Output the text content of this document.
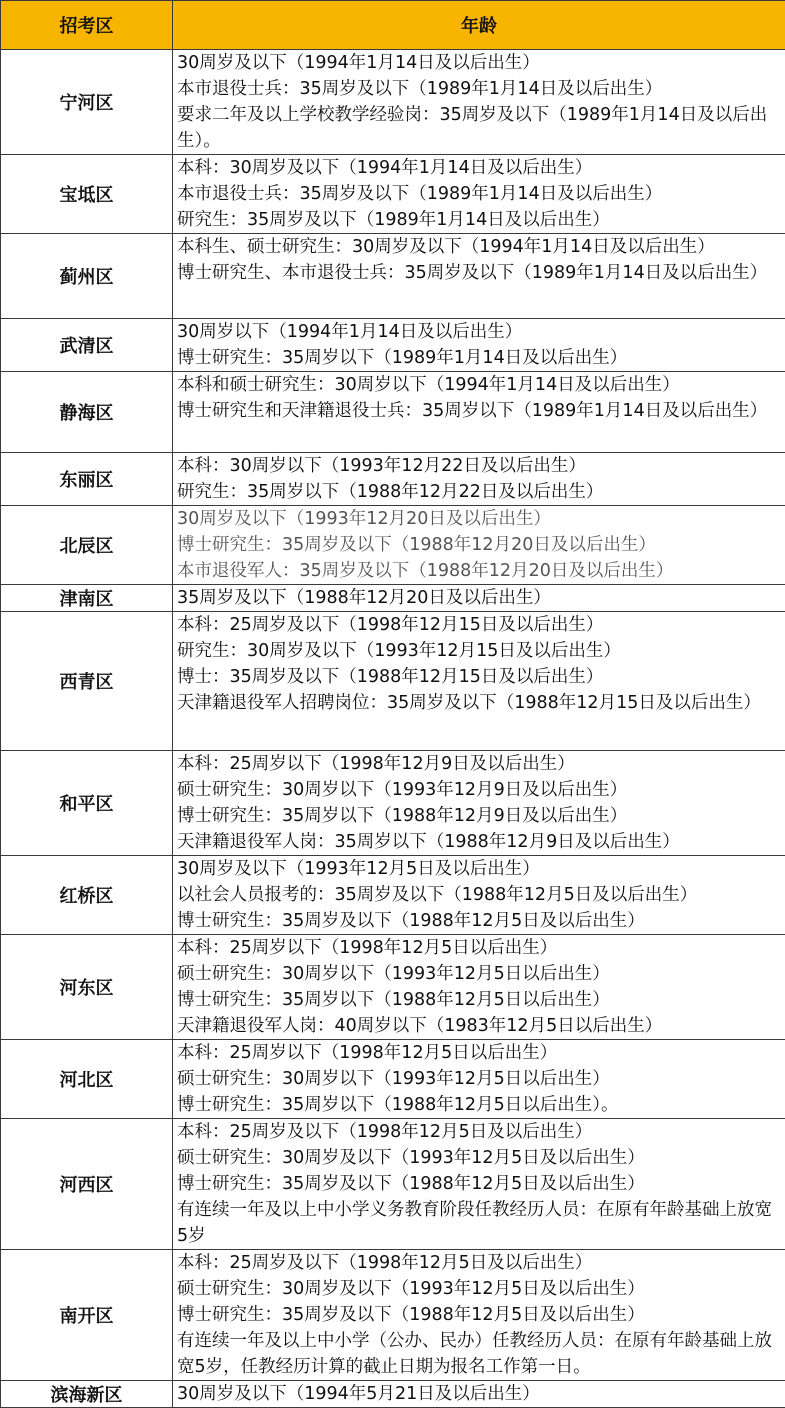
招考区	年龄
宁河区	30周岁及以下（1994年1月14日及以后出生）
本市退役士兵：35周岁及以下（1989年1月14日及以后出生）
要求二年及以上学校教学经验岗：35周岁及以下（1989年1月14日及以后出生）。

宝坻区	本科：30周岁及以下（1994年1月14日及以后出生）
本市退役士兵：35周岁及以下（1989年1月14日及以后出生）
研究生：35周岁及以下（1989年1月14日及以后出生）

蓟州区	本科生、硕士研究生：30周岁及以下（1994年1月14日及以后出生）
博士研究生、本市退役士兵：35周岁及以下（1989年1月14日及以后出生）

武清区	30周岁以下（1994年1月14日及以后出生）
博士研究生：35周岁以下（1989年1月14日及以后出生）

静海区	本科和硕士研究生：30周岁以下（1994年1月14日及以后出生）
博士研究生和天津籍退役士兵：35周岁以下（1989年1月14日及以后出生）

东丽区	本科：30周岁以下（1993年12月22日及以后出生）
研究生：35周岁以下（1988年12月22日及以后出生）

北辰区	30周岁及以下（1993年12月20日及以后出生）
博士研究生：35周岁及以下（1988年12月20日及以后出生）
本市退役军人：35周岁及以下（1988年12月20日及以后出生）

津南区	35周岁及以下（1988年12月20日及以后出生）

西青区	本科：25周岁及以下（1998年12月15日及以后出生）
研究生：30周岁及以下（1993年12月15日及以后出生）
博士：35周岁及以下（1988年12月15日及以后出生）
天津籍退役军人招聘岗位：35周岁及以下（1988年12月15日及以后出生）

和平区	本科：25周岁以下（1998年12月9日及以后出生）
硕士研究生：30周岁以下（1993年12月9日及以后出生）
博士研究生：35周岁以下（1988年12月9日及以后出生）
天津籍退役军人岗：35周岁以下（1988年12月9日及以后出生）

红桥区	30周岁及以下（1993年12月5日及以后出生）
以社会人员报考的：35周岁及以下（1988年12月5日及以后出生）
博士研究生：35周岁及以下（1988年12月5日及以后出生）

河东区	本科：25周岁以下（1998年12月5日以后出生）
硕士研究生：30周岁以下（1993年12月5日以后出生）
博士研究生：35周岁以下（1988年12月5日以后出生）
天津籍退役军人岗：40周岁以下（1983年12月5日以后出生）

河北区	本科：25周岁以下（1998年12月5日以后出生）
硕士研究生：30周岁以下（1993年12月5日以后出生）
博士研究生：35周岁以下（1988年12月5日以后出生）。

河西区	本科：25周岁及以下（1998年12月5日及以后出生）
硕士研究生：30周岁及以下（1993年12月5日及以后出生）
博士研究生：35周岁及以下（1988年12月5日及以后出生）
有连续一年及以上中小学义务教育阶段任教经历人员：在原有年龄基础上放宽5岁

南开区	本科：25周岁及以下（1998年12月5日及以后出生）
硕士研究生：30周岁及以下（1993年12月5日及以后出生）
博士研究生：35周岁及以下（1988年12月5日及以后出生）
有连续一年及以上中小学（公办、民办）任教经历人员：在原有年龄基础上放宽5岁，任教经历计算的截止日期为报名工作第一日。

滨海新区	30周岁及以下（1994年5月21日及以后出生）
